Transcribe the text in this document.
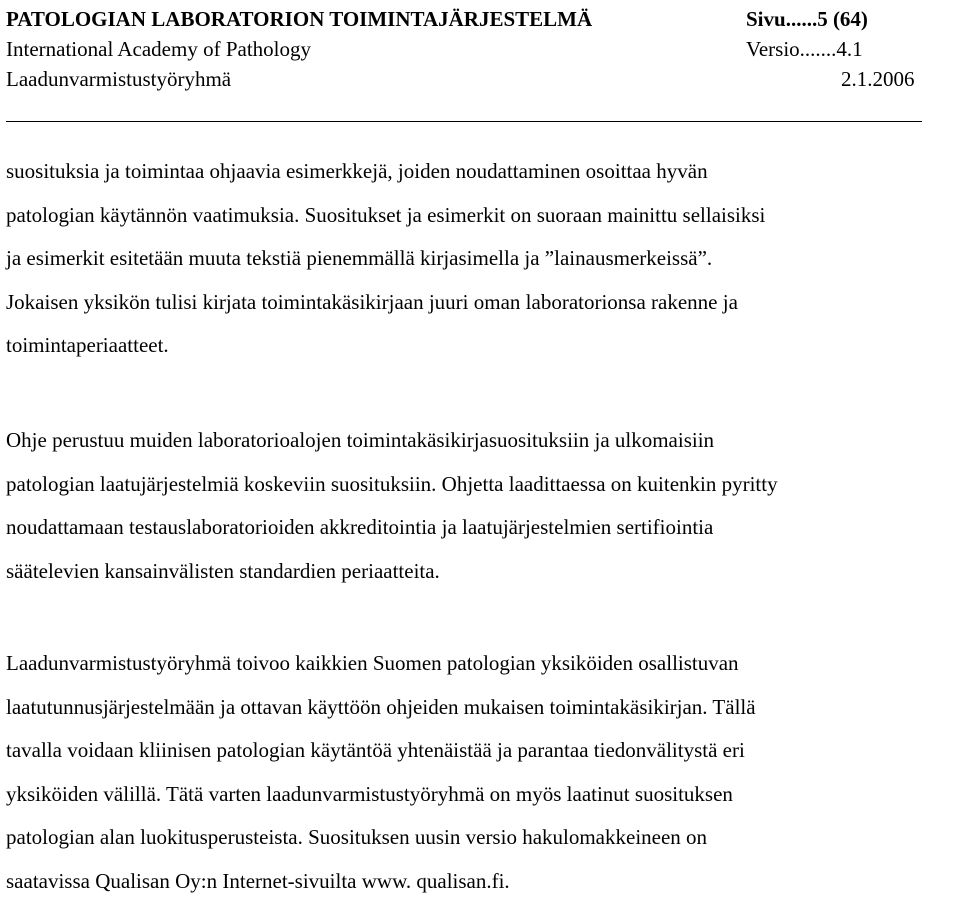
PATOLOGIAN LABORATORION TOIMINTAJÄRJESTELMÄ	Sivu......5 (64)
International Academy of Pathology	Versio.......4.1
Laadunvarmistustyöryhmä	2.1.2006

suosituksia ja toimintaa ohjaavia esimerkkejä, joiden noudattaminen osoittaa hyvän
patologian käytännön vaatimuksia. Suositukset ja esimerkit on suoraan mainittu sellaisiksi
ja esimerkit esitetään muuta tekstiä pienemmällä kirjasimella ja ”lainausmerkeissä”.
Jokaisen yksikön tulisi kirjata toimintakäsikirjaan juuri oman laboratorionsa rakenne ja
toimintaperiaatteet.

Ohje perustuu muiden laboratorioalojen toimintakäsikirjasuosituksiin ja ulkomaisiin
patologian laatujärjestelmiä koskeviin suosituksiin. Ohjetta laadittaessa on kuitenkin pyritty
noudattamaan testauslaboratorioiden akkreditointia ja laatujärjestelmien sertifiointia
säätelevien kansainvälisten standardien periaatteita.

Laadunvarmistustyöryhmä toivoo kaikkien Suomen patologian yksiköiden osallistuvan
laatutunnusjärjestelmään ja ottavan käyttöön ohjeiden mukaisen toimintakäsikirjan. Tällä
tavalla voidaan kliinisen patologian käytäntöä yhtenäistää ja parantaa tiedonvälitystä eri
yksiköiden välillä. Tätä varten laadunvarmistustyöryhmä on myös laatinut suosituksen
patologian alan luokitusperusteista. Suosituksen uusin versio hakulomakkeineen on
saatavissa Qualisan Oy:n Internet-sivuilta www. qualisan.fi.
